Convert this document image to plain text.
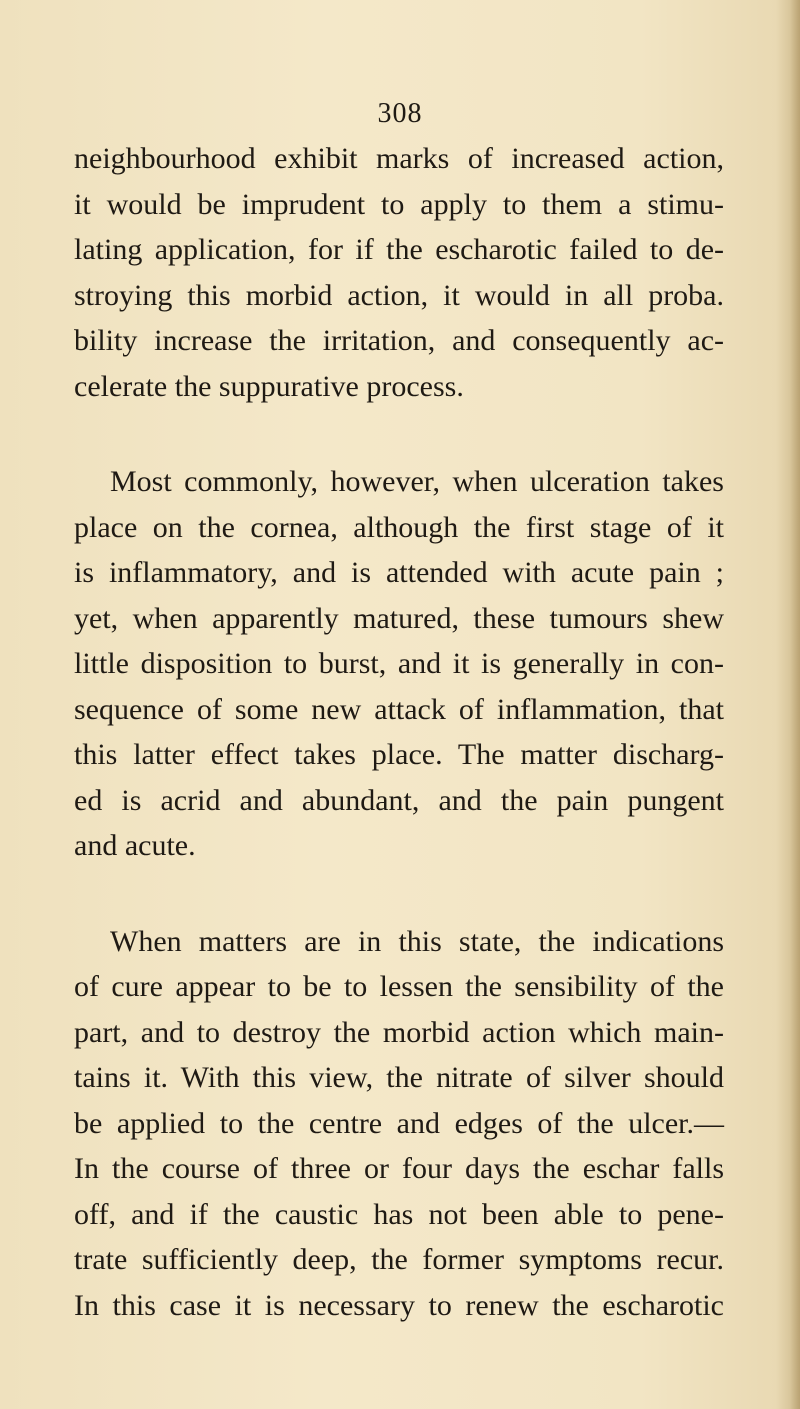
308
neighbourhood exhibit marks of increased action,
it would be imprudent to apply to them a stimu-
lating application, for if the escharotic failed to de-
stroying this morbid action, it would in all proba.
bility increase the irritation, and consequently ac-
celerate the suppurative process.
Most commonly, however, when ulceration takes
place on the cornea, although the first stage of it
is inflammatory, and is attended with acute pain ;
yet, when apparently matured, these tumours shew
little disposition to burst, and it is generally in con-
sequence of some new attack of inflammation, that
this latter effect takes place. The matter discharg-
ed is acrid and abundant, and the pain pungent
and acute.
When matters are in this state, the indications
of cure appear to be to lessen the sensibility of the
part, and to destroy the morbid action which main-
tains it. With this view, the nitrate of silver should
be applied to the centre and edges of the ulcer.—
In the course of three or four days the eschar falls
off, and if the caustic has not been able to pene-
trate sufficiently deep, the former symptoms recur.
In this case it is necessary to renew the escharotic
